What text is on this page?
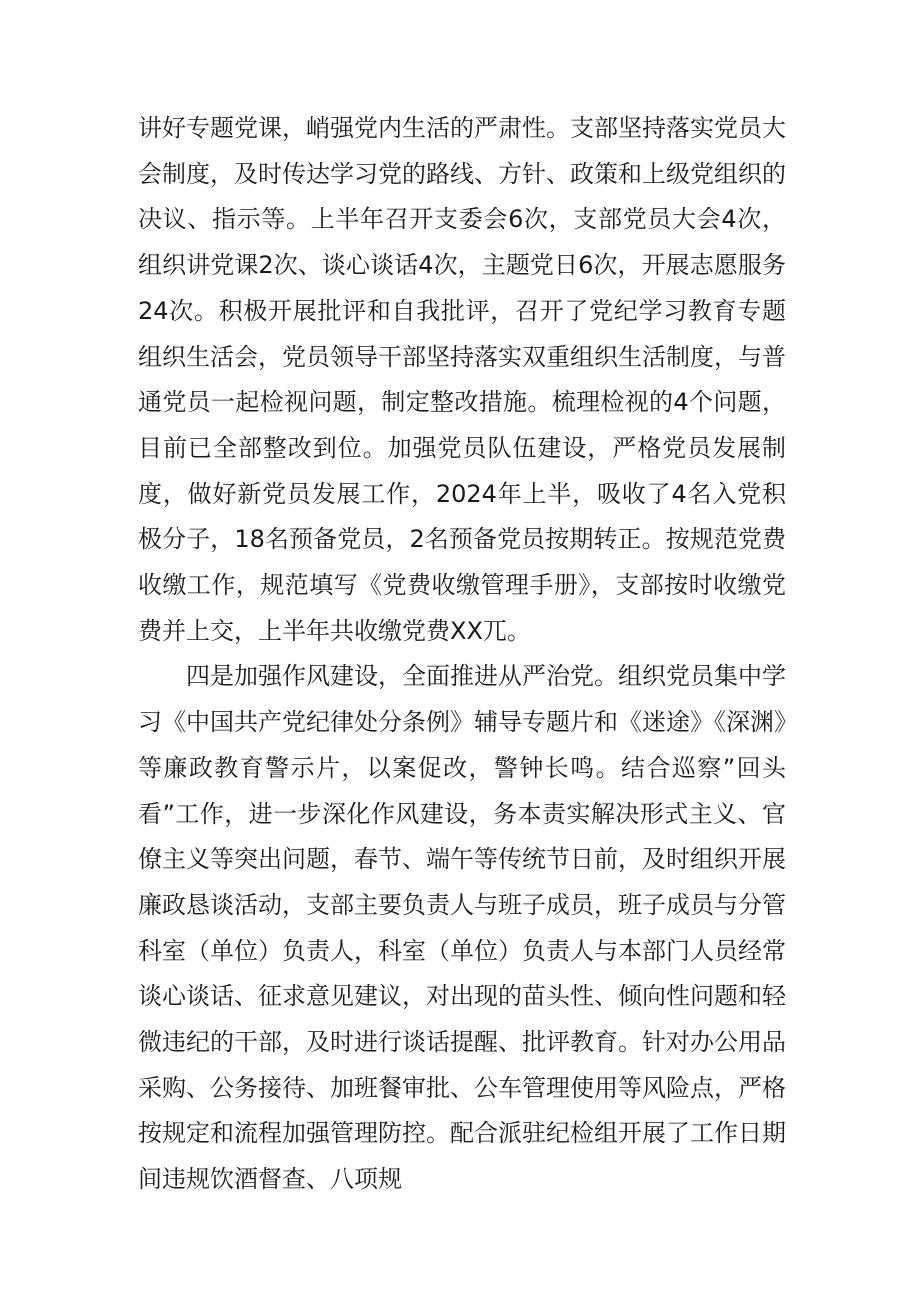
讲好专题党课，峭强党内生活的严肃性。支部坚持落实党员大会制度，及时传达学习党的路线、方针、政策和上级党组织的决议、指示等。上半年召开支委会6次，支部党员大会4次，组织讲党课2次、谈心谈话4次，主题党日6次，开展志愿服务24次。积极开展批评和自我批评，召开了党纪学习教育专题组织生活会，党员领导干部坚持落实双重组织生活制度，与普通党员一起检视问题，制定整改措施。梳理检视的4个问题，目前已全部整改到位。加强党员队伍建设，严格党员发展制度，做好新党员发展工作，2024年上半，吸收了4名入党积极分子，18名预备党员，2名预备党员按期转正。按规范党费收缴工作，规范填写《党费收缴管理手册》，支部按时收缴党费并上交，上半年共收缴党费XX兀。

四是加强作风建设，全面推进从严治党。组织党员集中学习《中国共产党纪律处分条例》辅导专题片和《迷途》《深渊》等廉政教育警示片，以案促改，警钟长鸣。结合巡察”回头看”工作，进一步深化作风建设，务本责实解决形式主义、官僚主义等突出问题，春节、端午等传统节日前，及时组织开展廉政恳谈活动，支部主要负责人与班子成员，班子成员与分管科室（单位）负责人，科室（单位）负责人与本部门人员经常谈心谈话、征求意见建议，对出现的苗头性、倾向性问题和轻微违纪的干部，及时进行谈话提醒、批评教育。针对办公用品采购、公务接待、加班餐审批、公车管理使用等风险点，严格按规定和流程加强管理防控。配合派驻纪检组开展了工作日期间违规饮酒督查、八项规
